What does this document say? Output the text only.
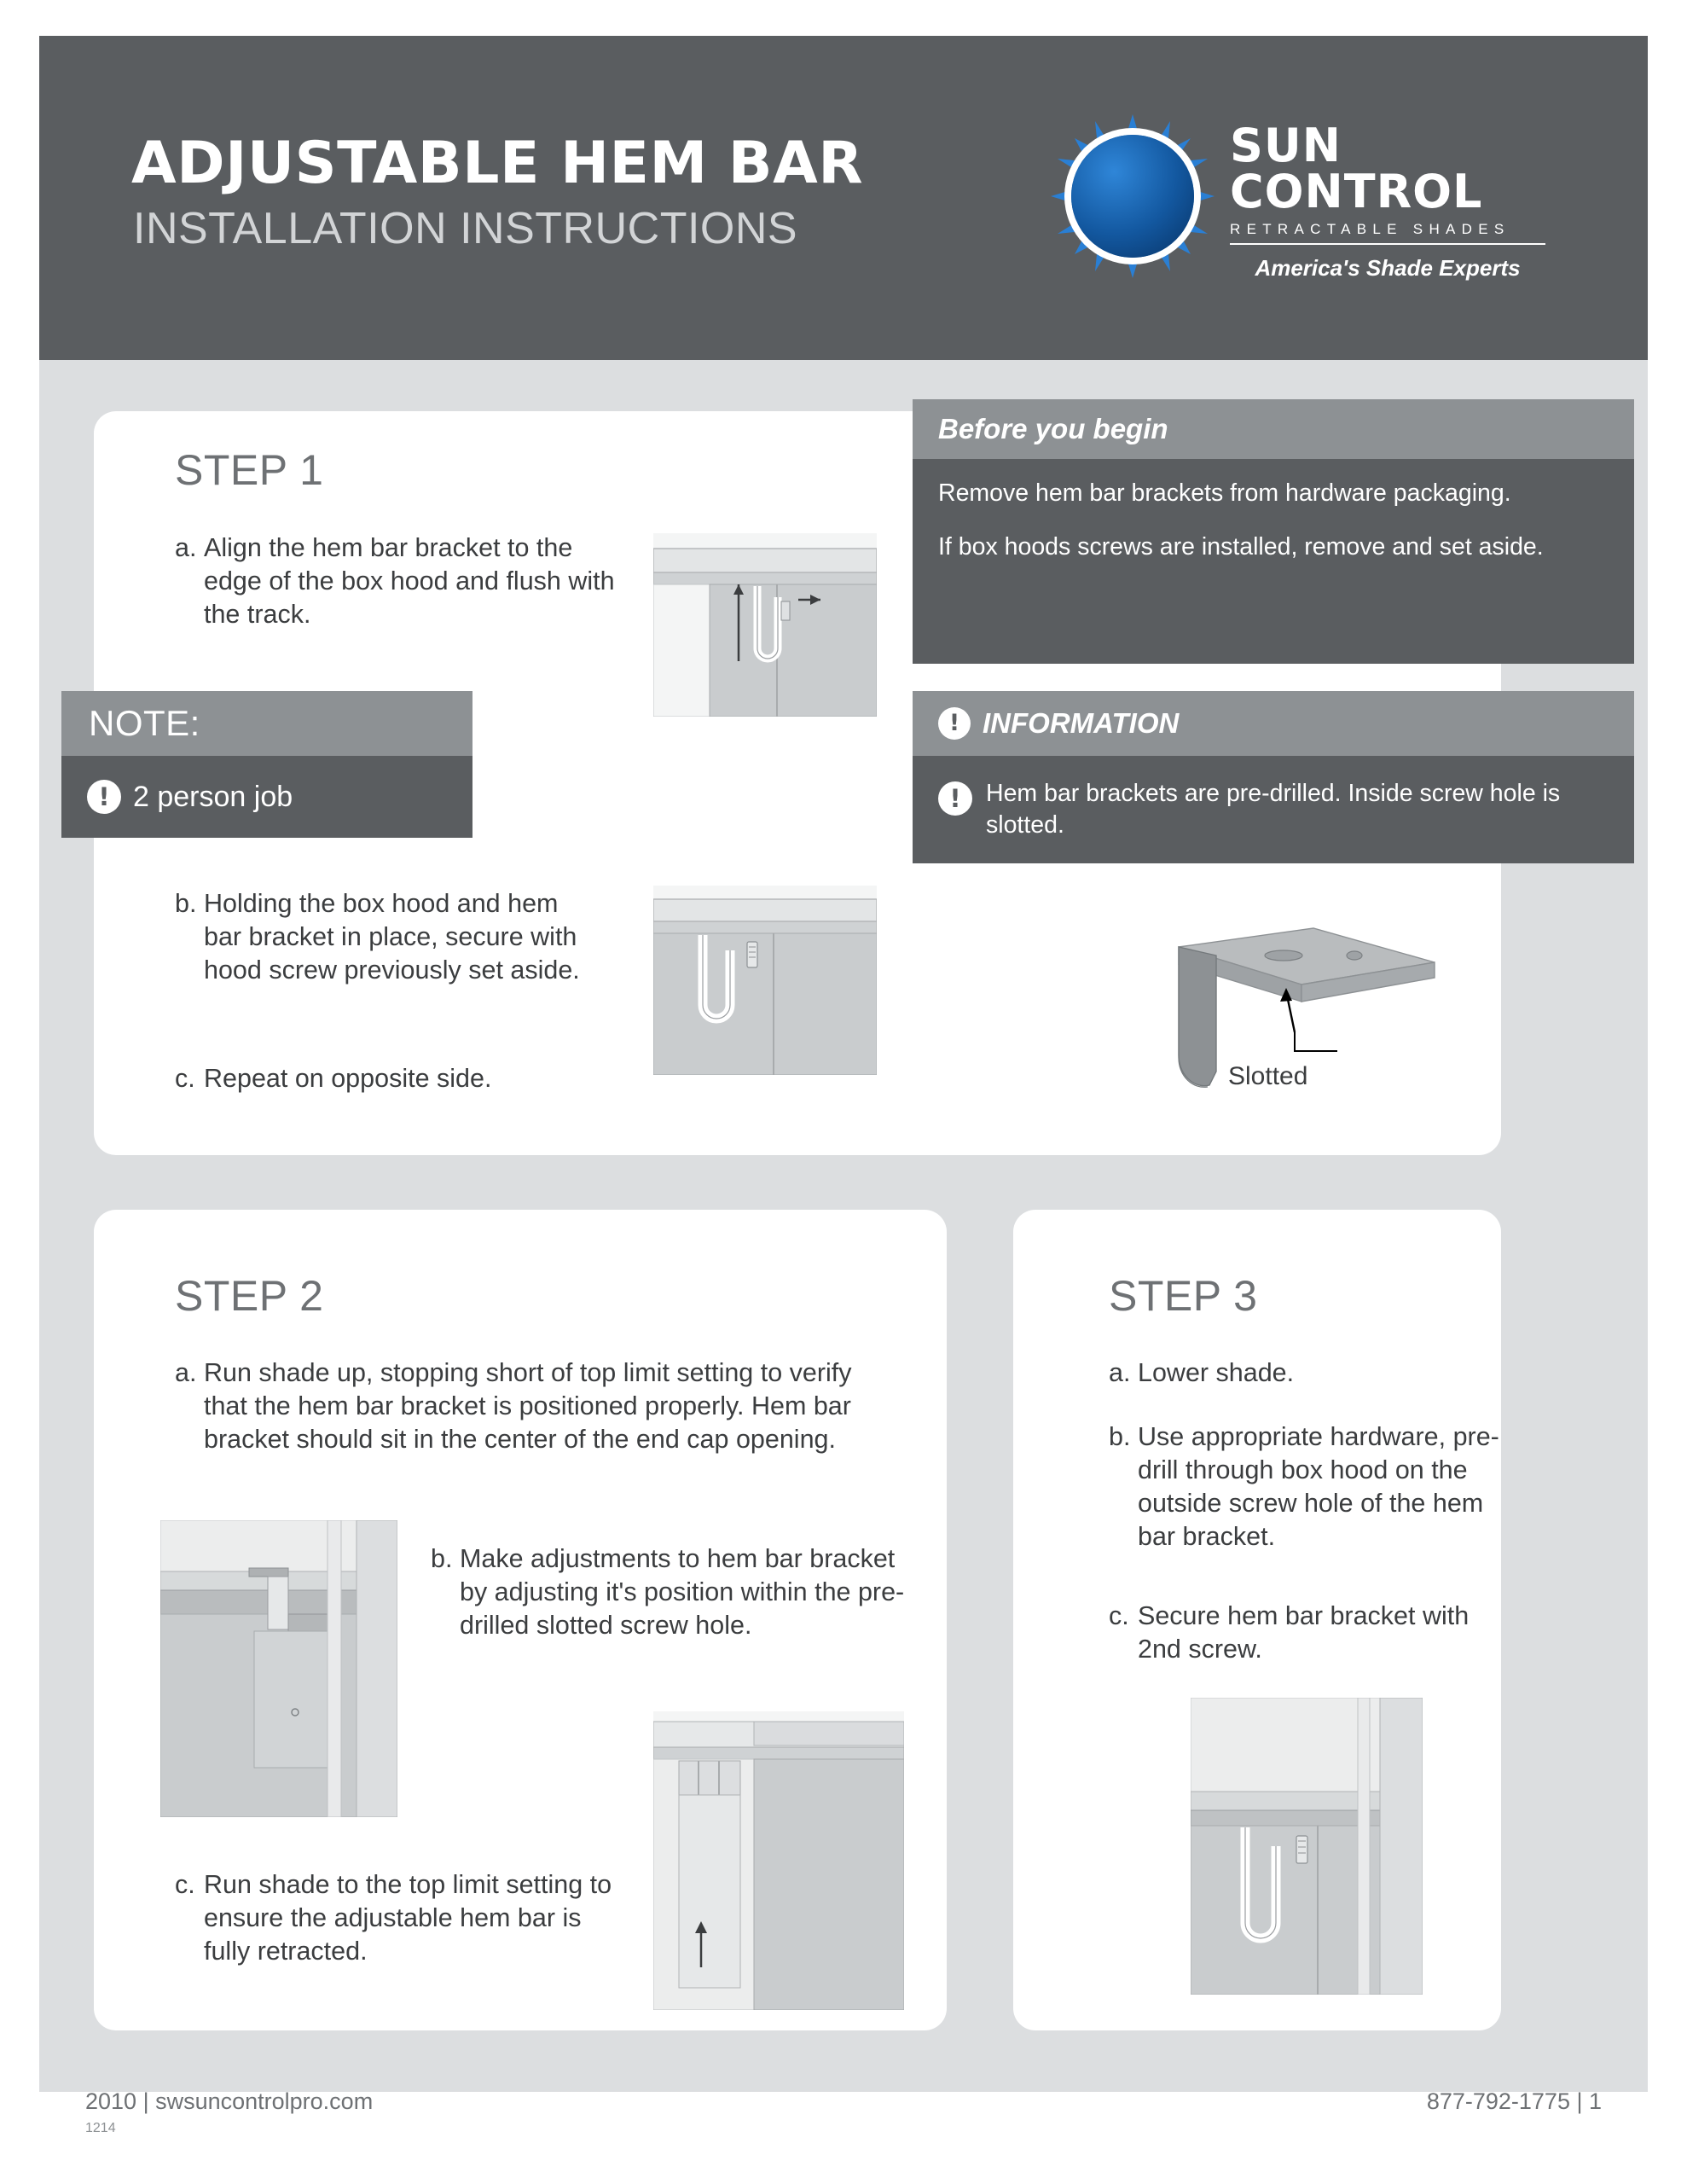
ADJUSTABLE HEM BAR
INSTALLATION INSTRUCTIONS
SUN CONTROL
RETRACTABLE SHADES
America's Shade Experts
STEP 1
a. Align the hem bar bracket to the edge of the box hood and flush with the track.
b. Holding the box hood and hem bar bracket in place, secure with hood screw previously set aside.
c. Repeat on opposite side.	Slotted
Before you begin

Remove hem bar brackets from hardware packaging.

If box hoods screws are installed, remove and set aside.

! INFORMATION
!	Hem bar brackets are pre-drilled. Inside screw hole is slotted.
NOTE:
! 2 person job
STEP 2
a. Run shade up, stopping short of top limit setting to verify that the hem bar bracket is positioned properly. Hem bar bracket should sit in the center of the end cap opening.
b. Make adjustments to hem bar bracket by adjusting it's position within the pre-drilled slotted screw hole.
c. Run shade to the top limit setting to ensure the adjustable hem bar is fully retracted.
STEP 3
a. Lower shade.
b. Use appropriate hardware, pre-drill through box hood on the outside screw hole of the hem bar bracket.
c. Secure hem bar bracket with 2nd screw.
2010 | swsuncontrolpro.com
1214
877-792-1775 | 1
